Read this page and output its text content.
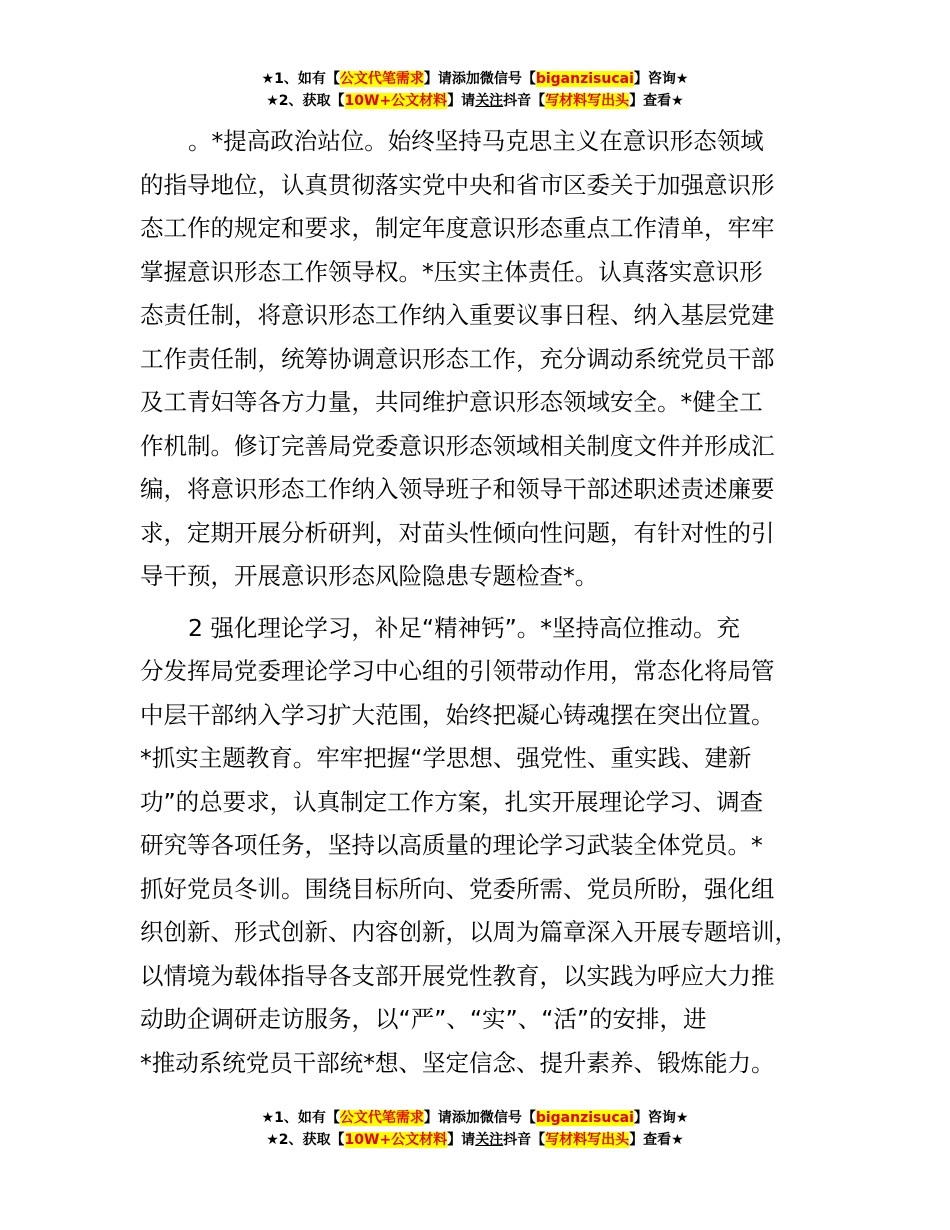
★1、如有【公文代笔需求】请添加微信号【biganzisucai】咨询★
★2、获取【10W+公文材料】请关注抖音【写材料写出头】查看★

。*提高政治站位。始终坚持马克思主义在意识形态领域
的指导地位，认真贯彻落实党中央和省市区委关于加强意识形
态工作的规定和要求，制定年度意识形态重点工作清单，牢牢
掌握意识形态工作领导权。*压实主体责任。认真落实意识形
态责任制，将意识形态工作纳入重要议事日程、纳入基层党建
工作责任制，统筹协调意识形态工作，充分调动系统党员干部
及工青妇等各方力量，共同维护意识形态领域安全。*健全工
作机制。修订完善局党委意识形态领域相关制度文件并形成汇
编，将意识形态工作纳入领导班子和领导干部述职述责述廉要
求，定期开展分析研判，对苗头性倾向性问题，有针对性的引
导干预，开展意识形态风险隐患专题检查*。

2 强化理论学习，补足“精神钙”。*坚持高位推动。充
分发挥局党委理论学习中心组的引领带动作用，常态化将局管
中层干部纳入学习扩大范围，始终把凝心铸魂摆在突出位置。
*抓实主题教育。牢牢把握“学思想、强党性、重实践、建新
功”的总要求，认真制定工作方案，扎实开展理论学习、调查
研究等各项任务，坚持以高质量的理论学习武装全体党员。*
抓好党员冬训。围绕目标所向、党委所需、党员所盼，强化组
织创新、形式创新、内容创新，以周为篇章深入开展专题培训，
以情境为载体指导各支部开展党性教育，以实践为呼应大力推
动助企调研走访服务，以“严”、“实”、“活”的安排，进
*推动系统党员干部统*想、坚定信念、提升素养、锻炼能力。

★1、如有【公文代笔需求】请添加微信号【biganzisucai】咨询★
★2、获取【10W+公文材料】请关注抖音【写材料写出头】查看★
